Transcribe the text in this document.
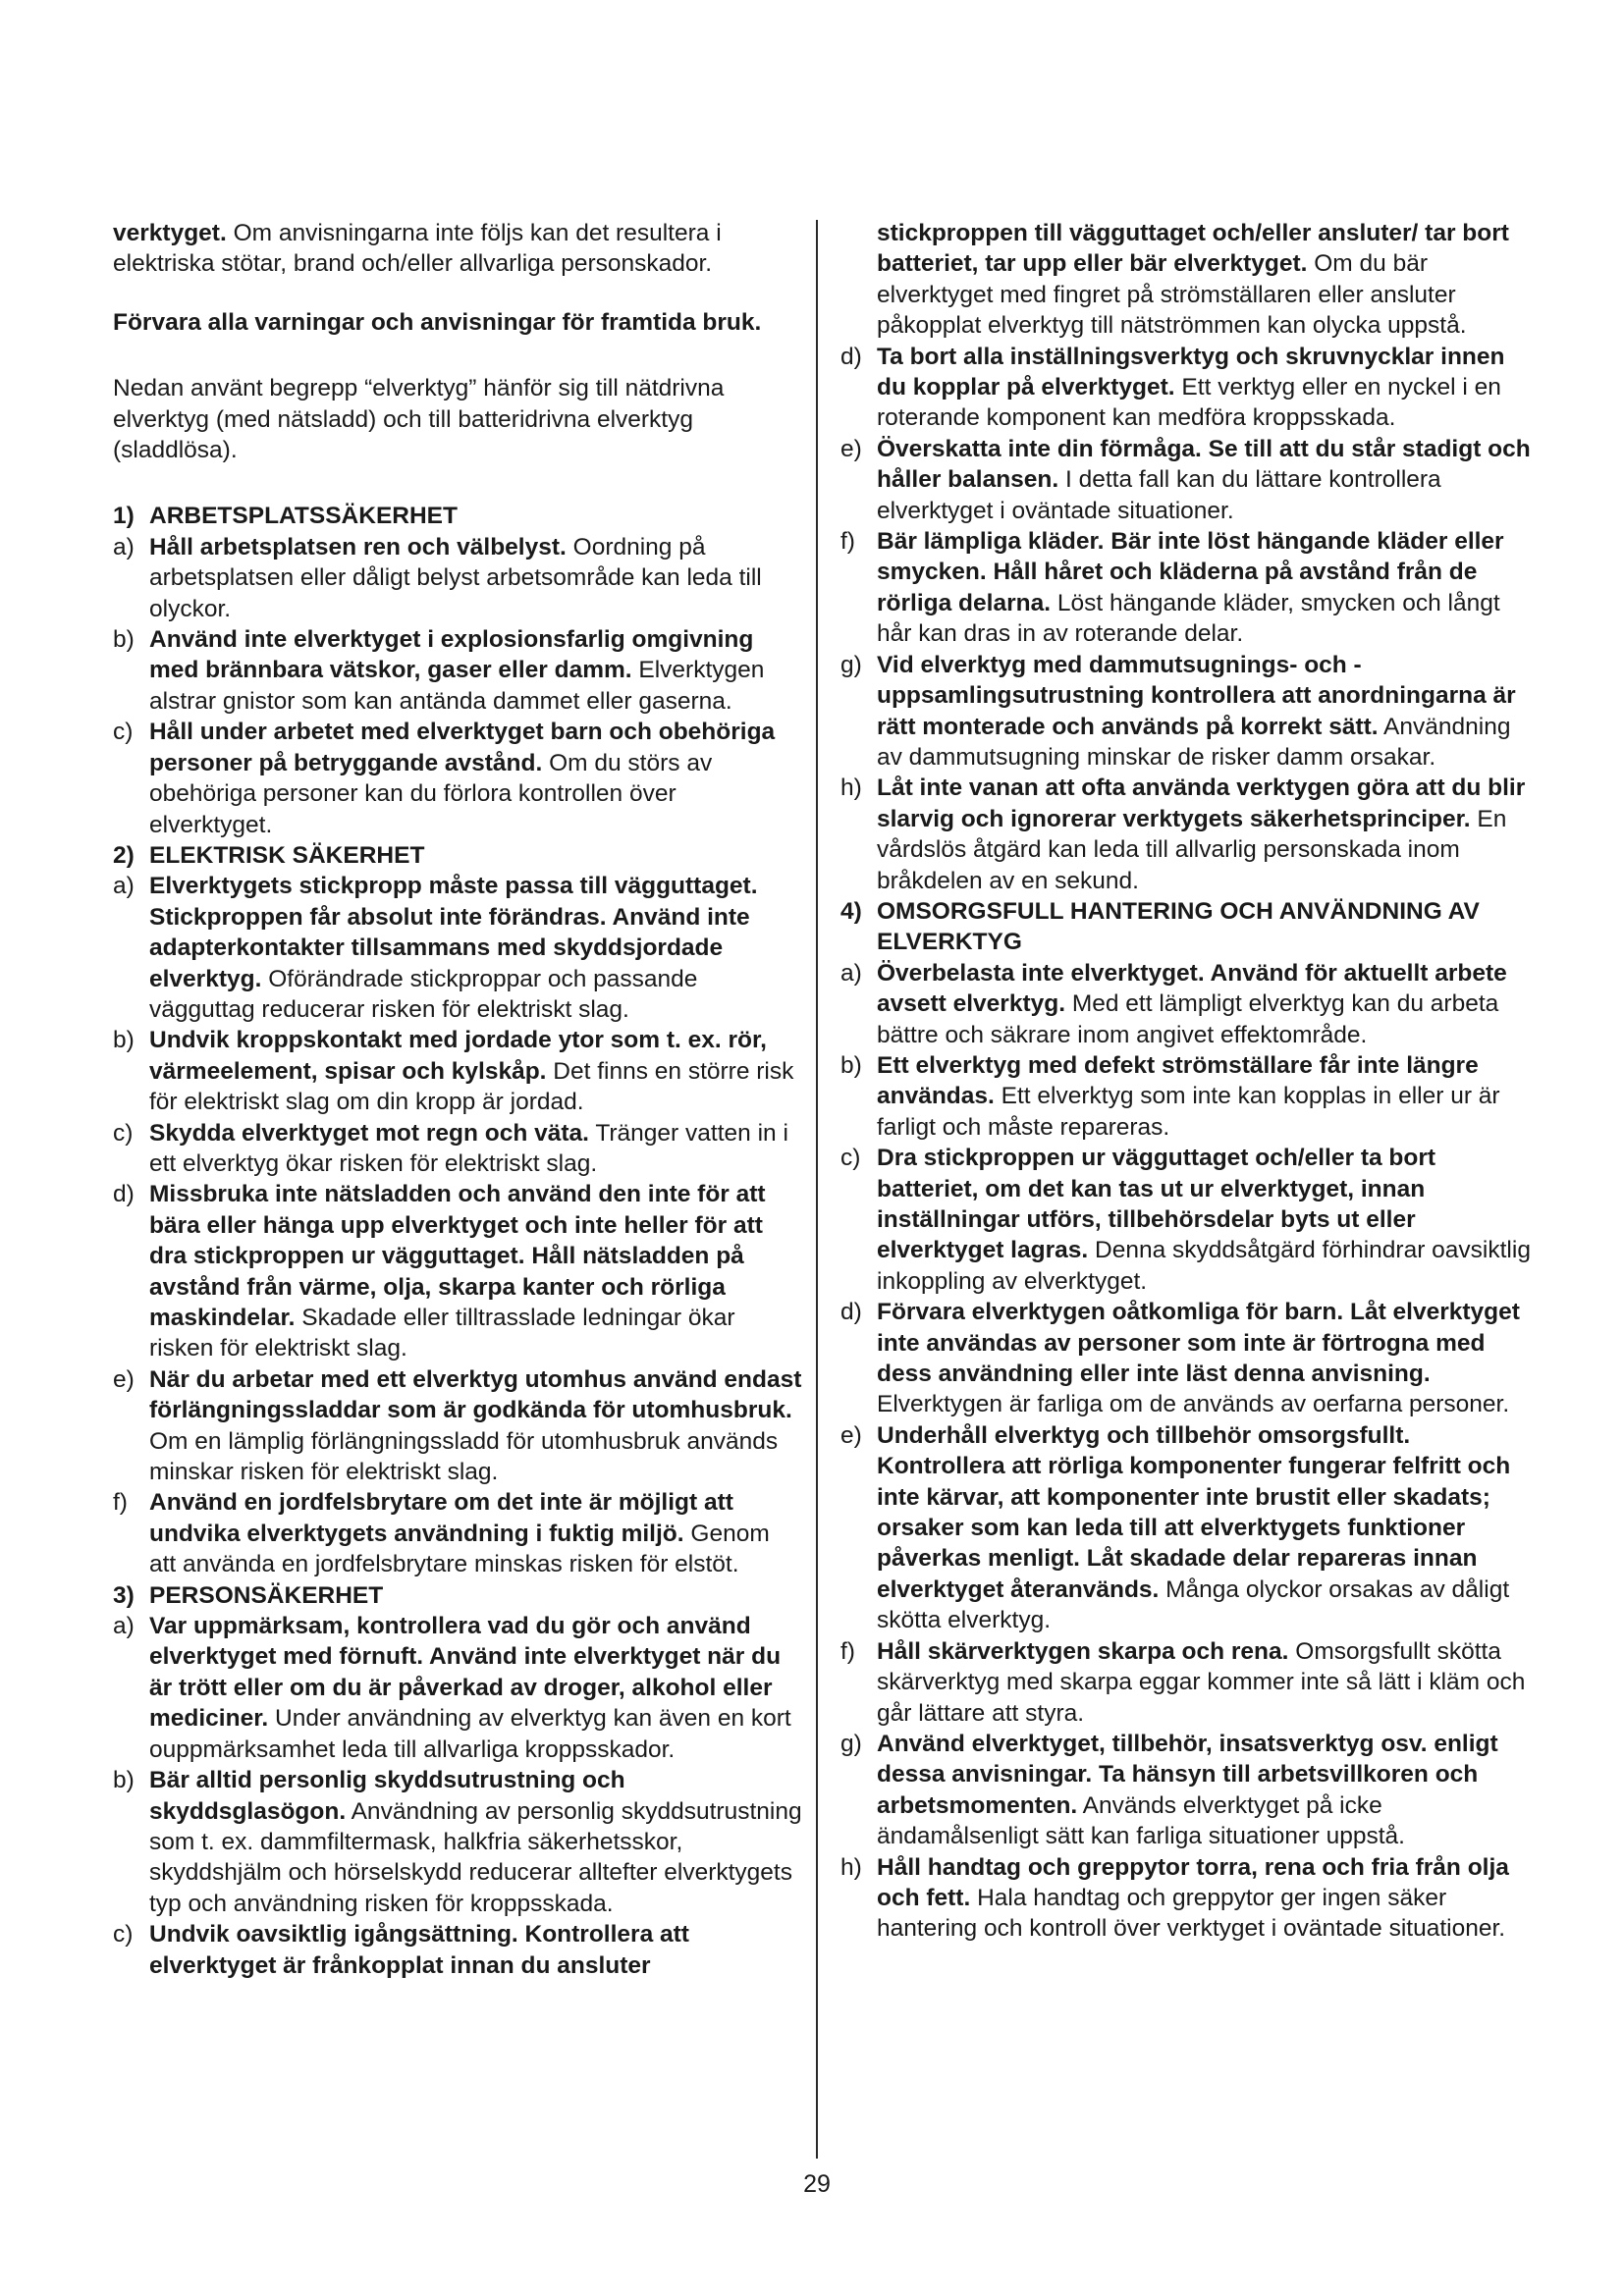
verktyget. Om anvisningarna inte följs kan det resultera i elektriska stötar, brand och/eller allvarliga personskador.

Förvara alla varningar och anvisningar för framtida bruk.

Nedan använt begrepp “elverktyg” hänför sig till nätdrivna elverktyg (med nätsladd) och till batteridrivna elverktyg (sladdlösa).

1) ARBETSPLATSSÄKERHET
a) Håll arbetsplatsen ren och välbelyst. Oordning på arbetsplatsen eller dåligt belyst arbetsområde kan leda till olyckor.
b) Använd inte elverktyget i explosionsfarlig omgivning med brännbara vätskor, gaser eller damm. Elverktygen alstrar gnistor som kan antända dammet eller gaserna.
c) Håll under arbetet med elverktyget barn och obehöriga personer på betryggande avstånd. Om du störs av obehöriga personer kan du förlora kontrollen över elverktyget.
2) ELEKTRISK SÄKERHET
a) Elverktygets stickpropp måste passa till vägguttaget. Stickproppen får absolut inte förändras. Använd inte adapterkontakter tillsammans med skyddsjordade elverktyg. Oförändrade stickproppar och passande vägguttag reducerar risken för elektriskt slag.
b) Undvik kroppskontakt med jordade ytor som t. ex. rör, värmeelement, spisar och kylskåp. Det finns en större risk för elektriskt slag om din kropp är jordad.
c) Skydda elverktyget mot regn och väta. Tränger vatten in i ett elverktyg ökar risken för elektriskt slag.
d) Missbruka inte nätsladden och använd den inte för att bära eller hänga upp elverktyget och inte heller för att dra stickproppen ur vägguttaget. Håll nätsladden på avstånd från värme, olja, skarpa kanter och rörliga maskindelar. Skadade eller tilltrasslade ledningar ökar risken för elektriskt slag.
e) När du arbetar med ett elverktyg utomhus använd endast förlängningssladdar som är godkända för utomhusbruk. Om en lämplig förlängningssladd för utomhusbruk används minskar risken för elektriskt slag.
f) Använd en jordfelsbrytare om det inte är möjligt att undvika elverktygets användning i fuktig miljö. Genom att använda en jordfelsbrytare minskas risken för elstöt.
3) PERSONSÄKERHET
a) Var uppmärksam, kontrollera vad du gör och använd elverktyget med förnuft. Använd inte elverktyget när du är trött eller om du är påverkad av droger, alkohol eller mediciner. Under användning av elverktyg kan även en kort ouppmärksamhet leda till allvarliga kroppsskador.
b) Bär alltid personlig skyddsutrustning och skyddsglasögon. Användning av personlig skyddsutrustning som t. ex. dammfiltermask, halkfria säkerhetsskor, skyddshjälm och hörselskydd reducerar alltefter elverktygets typ och användning risken för kroppsskada.
c) Undvik oavsiktlig igångsättning. Kontrollera att elverktyget är frånkopplat innan du ansluter
stickproppen till vägguttaget och/eller ansluter/ tar bort batteriet, tar upp eller bär elverktyget. Om du bär elverktyget med fingret på strömställaren eller ansluter påkopplat elverktyg till nätströmmen kan olycka uppstå.
d) Ta bort alla inställningsverktyg och skruvnycklar innen du kopplar på elverktyget. Ett verktyg eller en nyckel i en roterande komponent kan medföra kroppsskada.
e) Överskatta inte din förmåga. Se till att du står stadigt och håller balansen. I detta fall kan du lättare kontrollera elverktyget i oväntade situationer.
f) Bär lämpliga kläder. Bär inte löst hängande kläder eller smycken. Håll håret och kläderna på avstånd från de rörliga delarna. Löst hängande kläder, smycken och långt hår kan dras in av roterande delar.
g) Vid elverktyg med dammutsugnings- och -uppsamlingsutrustning kontrollera att anordningarna är rätt monterade och används på korrekt sätt. Användning av dammutsugning minskar de risker damm orsakar.
h) Låt inte vanan att ofta använda verktygen göra att du blir slarvig och ignorerar verktygets säkerhetsprinciper. En vårdslös åtgärd kan leda till allvarlig personskada inom bråkdelen av en sekund.
4) OMSORGSFULL HANTERING OCH ANVÄNDNING AV ELVERKTYG
a) Överbelasta inte elverktyget. Använd för aktuellt arbete avsett elverktyg. Med ett lämpligt elverktyg kan du arbeta bättre och säkrare inom angivet effektområde.
b) Ett elverktyg med defekt strömställare får inte längre användas. Ett elverktyg som inte kan kopplas in eller ur är farligt och måste repareras.
c) Dra stickproppen ur vägguttaget och/eller ta bort batteriet, om det kan tas ut ur elverktyget, innan inställningar utförs, tillbehörsdelar byts ut eller elverktyget lagras. Denna skyddsåtgärd förhindrar oavsiktlig inkoppling av elverktyget.
d) Förvara elverktygen oåtkomliga för barn. Låt elverktyget inte användas av personer som inte är förtrogna med dess användning eller inte läst denna anvisning. Elverktygen är farliga om de används av oerfarna personer.
e) Underhåll elverktyg och tillbehör omsorgsfullt. Kontrollera att rörliga komponenter fungerar felfritt och inte kärvar, att komponenter inte brustit eller skadats; orsaker som kan leda till att elverktygets funktioner påverkas menligt. Låt skadade delar repareras innan elverktyget återanvänds. Många olyckor orsakas av dåligt skötta elverktyg.
f) Håll skärverktygen skarpa och rena. Omsorgsfullt skötta skärverktyg med skarpa eggar kommer inte så lätt i kläm och går lättare att styra.
g) Använd elverktyget, tillbehör, insatsverktyg osv. enligt dessa anvisningar. Ta hänsyn till arbetsvillkoren och arbetsmomenten. Används elverktyget på icke ändamålsenligt sätt kan farliga situationer uppstå.
h) Håll handtag och greppytor torra, rena och fria från olja och fett. Hala handtag och greppytor ger ingen säker hantering och kontroll över verktyget i oväntade situationer.
29
